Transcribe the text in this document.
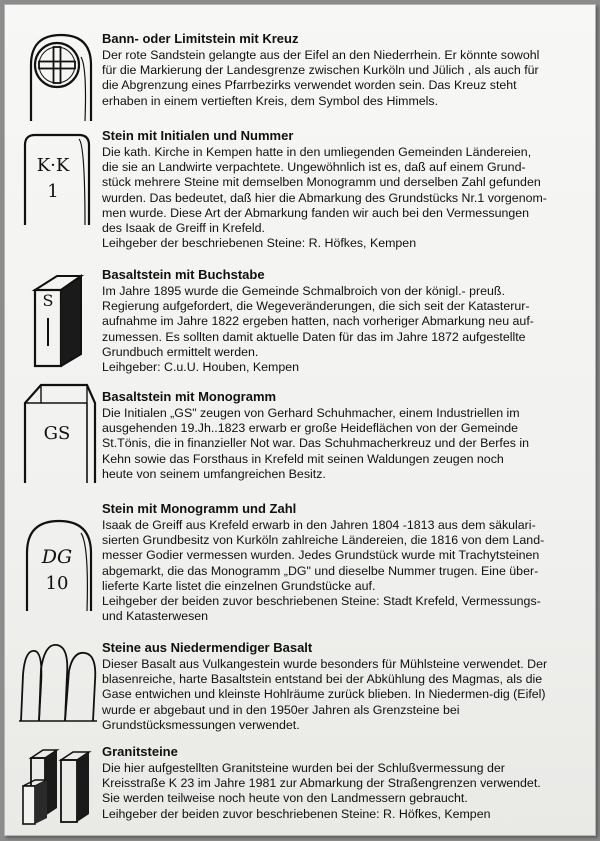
Bann- oder Limitstein mit Kreuz
Der rote Sandstein gelangte aus der Eifel an den Niederrhein. Er könnte sowohl
für die Markierung der Landesgrenze zwischen Kurköln und Jülich , als auch für
die Abgrenzung eines Pfarrbezirks verwendet worden sein. Das Kreuz steht
erhaben in einem vertieften Kreis, dem Symbol des Himmels.
K·K
1
Stein mit Initialen und Nummer
Die kath. Kirche in Kempen hatte in den umliegenden Gemeinden Ländereien,
die sie an Landwirte verpachtete. Ungewöhnlich ist es, daß auf einem Grund-
stück mehrere Steine mit demselben Monogramm und derselben Zahl gefunden
wurden. Das bedeutet, daß hier die Abmarkung des Grundstücks Nr.1 vorgenom-
men wurde. Diese Art der Abmarkung fanden wir auch bei den Vermessungen
des Isaak de Greiff in Krefeld.
Leihgeber der beschriebenen Steine: R. Höfkes, Kempen
S
Basaltstein mit Buchstabe
Im Jahre 1895 wurde die Gemeinde Schmalbroich von der königl.- preuß.
Regierung aufgefordert, die Wegeveränderungen, die sich seit der Katasterur-
aufnahme im Jahre 1822 ergeben hatten, nach vorheriger Abmarkung neu auf-
zumessen. Es sollten damit aktuelle Daten für das im Jahre 1872 aufgestellte
Grundbuch ermittelt werden.
Leihgeber: C.u.U. Houben, Kempen
GS
Basaltstein mit Monogramm
Die Initialen „GS" zeugen von Gerhard Schuhmacher, einem Industriellen im
ausgehenden 19.Jh..1823 erwarb er große Heideflächen von der Gemeinde
St.Tönis, die in finanzieller Not war. Das Schuhmacherkreuz und der Berfes in
Kehn sowie das Forsthaus in Krefeld mit seinen Waldungen zeugen noch
heute von seinem umfangreichen Besitz.
DG
10
Stein mit Monogramm und Zahl
Isaak de Greiff aus Krefeld erwarb in den Jahren 1804 -1813 aus dem säkulari-
sierten Grundbesitz von Kurköln zahlreiche Ländereien, die 1816 von dem Land-
messer Godier vermessen wurden. Jedes Grundstück wurde mit Trachytsteinen
abgemarkt, die das Monogramm „DG" und dieselbe Nummer trugen. Eine über-
lieferte Karte listet die einzelnen Grundstücke auf.
Leihgeber der beiden zuvor beschriebenen Steine: Stadt Krefeld, Vermessungs-
und Katasterwesen
Steine aus Niedermendiger Basalt
Dieser Basalt aus Vulkangestein wurde besonders für Mühlsteine verwendet. Der
blasenreiche, harte Basaltstein entstand bei der Abkühlung des Magmas, als die
Gase entwichen und kleinste Hohlräume zurück blieben. In Niedermen-dig (Eifel)
wurde er abgebaut und in den 1950er Jahren als Grenzsteine bei
Grundstücksmessungen verwendet.
Granitsteine
Die hier aufgestellten Granitsteine wurden bei der Schlußvermessung der
Kreisstraße K 23 im Jahre 1981 zur Abmarkung der Straßengrenzen verwendet.
Sie werden teilweise noch heute von den Landmessern gebraucht.
Leihgeber der beiden zuvor beschriebenen Steine: R. Höfkes, Kempen
